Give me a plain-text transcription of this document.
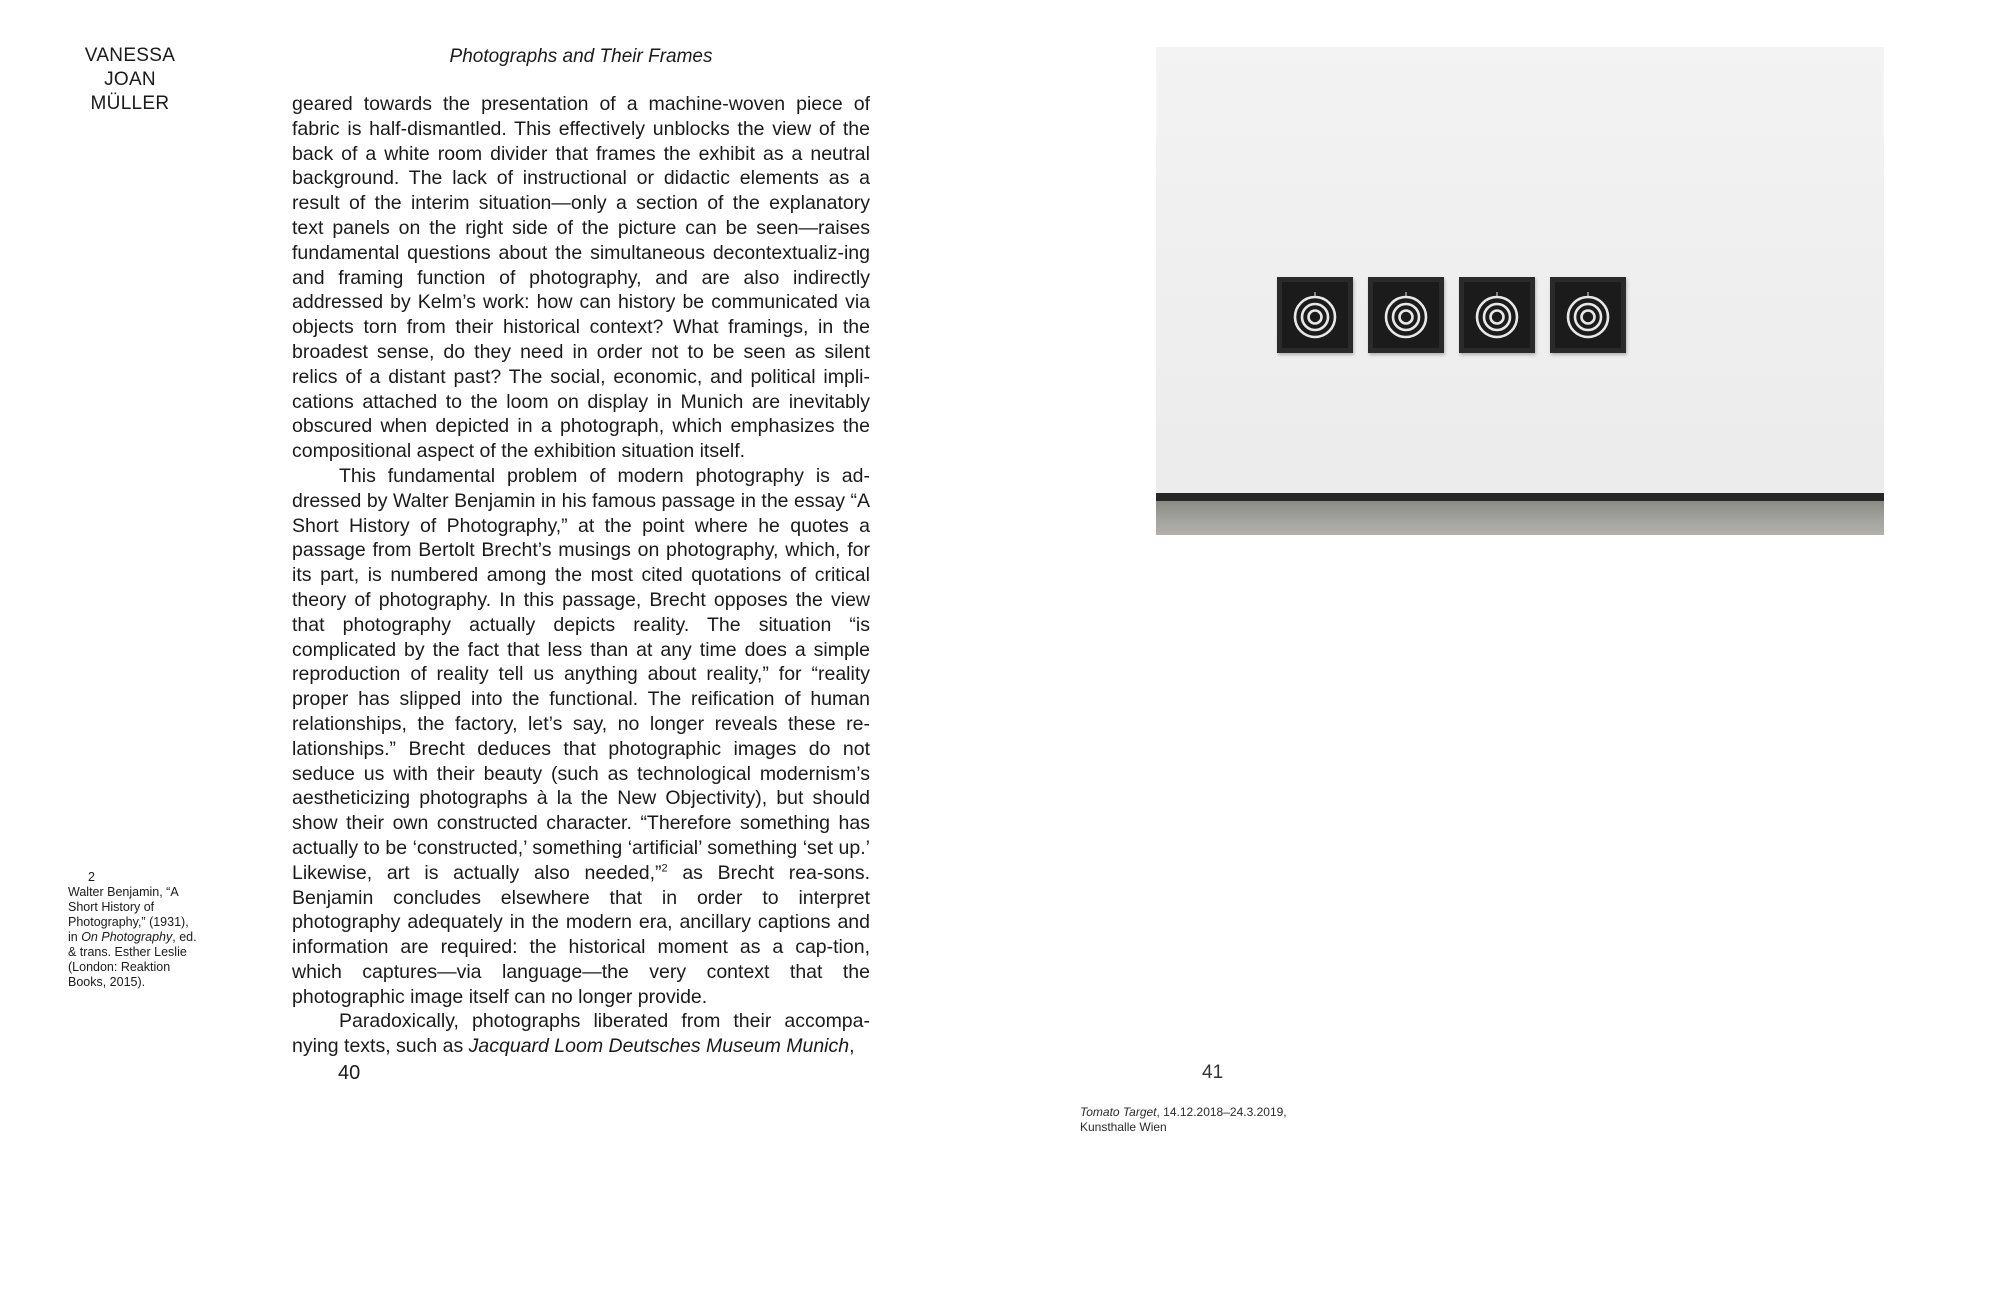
VANESSA
JOAN
MÜLLER
Photographs and Their Frames

geared towards the presentation of a machine-woven piece of fabric is half-dismantled. This effectively unblocks the view of the back of a white room divider that frames the exhibit as a neutral background. The lack of instructional or didactic elements as a result of the interim situation—only a section of the explanatory text panels on the right side of the picture can be seen—raises fundamental questions about the simultaneous decontextualiz-ing and framing function of photography, and are also indirectly addressed by Kelm’s work: how can history be communicated via objects torn from their historical context? What framings, in the broadest sense, do they need in order not to be seen as silent relics of a distant past? The social, economic, and political impli-cations attached to the loom on display in Munich are inevitably obscured when depicted in a photograph, which emphasizes the compositional aspect of the exhibition situation itself.

This fundamental problem of modern photography is ad-dressed by Walter Benjamin in his famous passage in the essay “A Short History of Photography,” at the point where he quotes a passage from Bertolt Brecht’s musings on photography, which, for its part, is numbered among the most cited quotations of critical theory of photography. In this passage, Brecht opposes the view that photography actually depicts reality. The situation “is complicated by the fact that less than at any time does a simple reproduction of reality tell us anything about reality,” for “reality proper has slipped into the functional. The reification of human relationships, the factory, let’s say, no longer reveals these re-lationships.” Brecht deduces that photographic images do not seduce us with their beauty (such as technological modernism’s aestheticizing photographs à la the New Objectivity), but should show their own constructed character. “Therefore something has actually to be ‘constructed,’ something ‘artificial’ something ‘set up.’ Likewise, art is actually also needed,”$^2$ as Brecht rea-sons. Benjamin concludes elsewhere that in order to interpret photography adequately in the modern era, ancillary captions and information are required: the historical moment as a cap-tion, which captures—via language—the very context that the photographic image itself can no longer provide.

Paradoxically, photographs liberated from their accompa-nying texts, such as Jacquard Loom Deutsches Museum Munich,

2
Walter Benjamin, “A Short History of Photography,” (1931), in On Photography, ed. & trans. Esther Leslie (London: Reaktion Books, 2015).
40	41
Tomato Target, 14.12.2018–24.3.2019,
Kunsthalle Wien
